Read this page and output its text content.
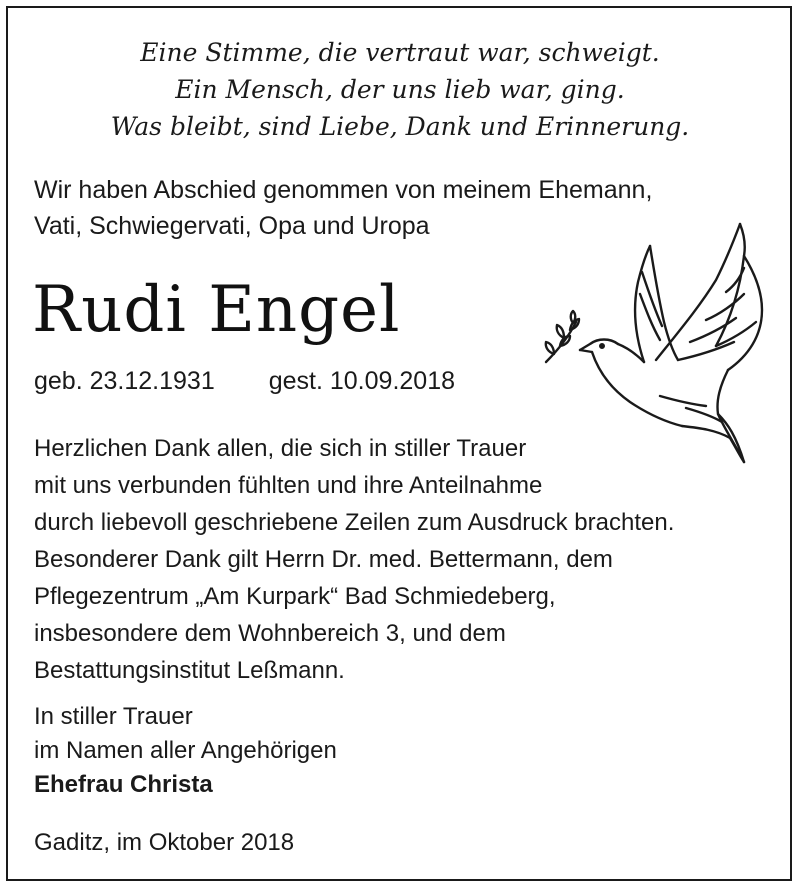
Eine Stimme, die vertraut war, schweigt.
Ein Mensch, der uns lieb war, ging.
Was bleibt, sind Liebe, Dank und Erinnerung.
Wir haben Abschied genommen von meinem Ehemann,
Vati, Schwiegervati, Opa und Uropa
Rudi Engel
geb. 23.12.1931 gest. 10.09.2018
Herzlichen Dank allen, die sich in stiller Trauer
mit uns verbunden fühlten und ihre Anteilnahme
durch liebevoll geschriebene Zeilen zum Ausdruck brachten.
Besonderer Dank gilt Herrn Dr. med. Bettermann, dem
Pflegezentrum „Am Kurpark“ Bad Schmiedeberg,
insbesondere dem Wohnbereich 3, und dem
Bestattungsinstitut Leßmann.
In stiller Trauer
im Namen aller Angehörigen
Ehefrau Christa
Gaditz, im Oktober 2018
